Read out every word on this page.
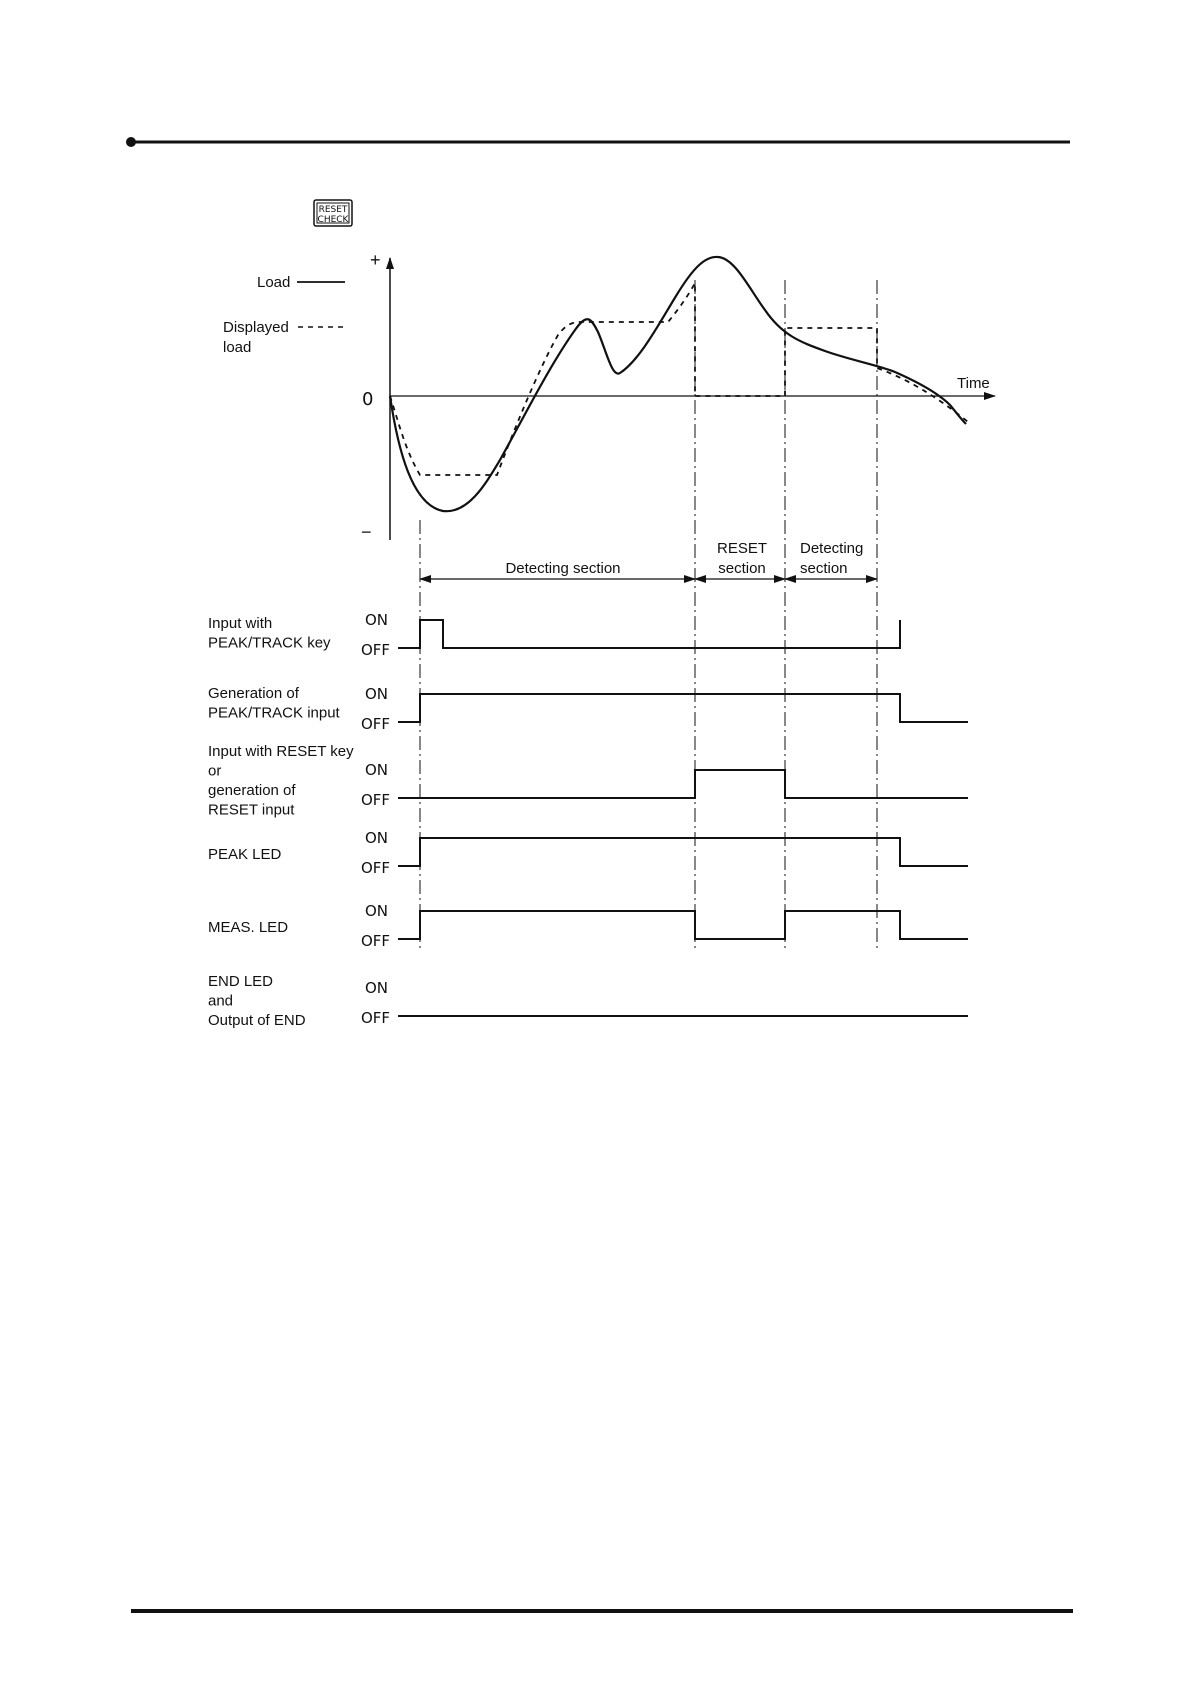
RESET
CHECK
+
−
0
Time
Load
Displayed
load
Detecting section
RESET
section
Detecting
section
Input with
PEAK/TRACK key
ON
OFF
Generation of
PEAK/TRACK input
ON
OFF
Input with RESET key
or
generation of
RESET input
ON
OFF
PEAK LED
ON
OFF
MEAS. LED
ON
OFF
END LED
and
Output of END
ON
OFF
